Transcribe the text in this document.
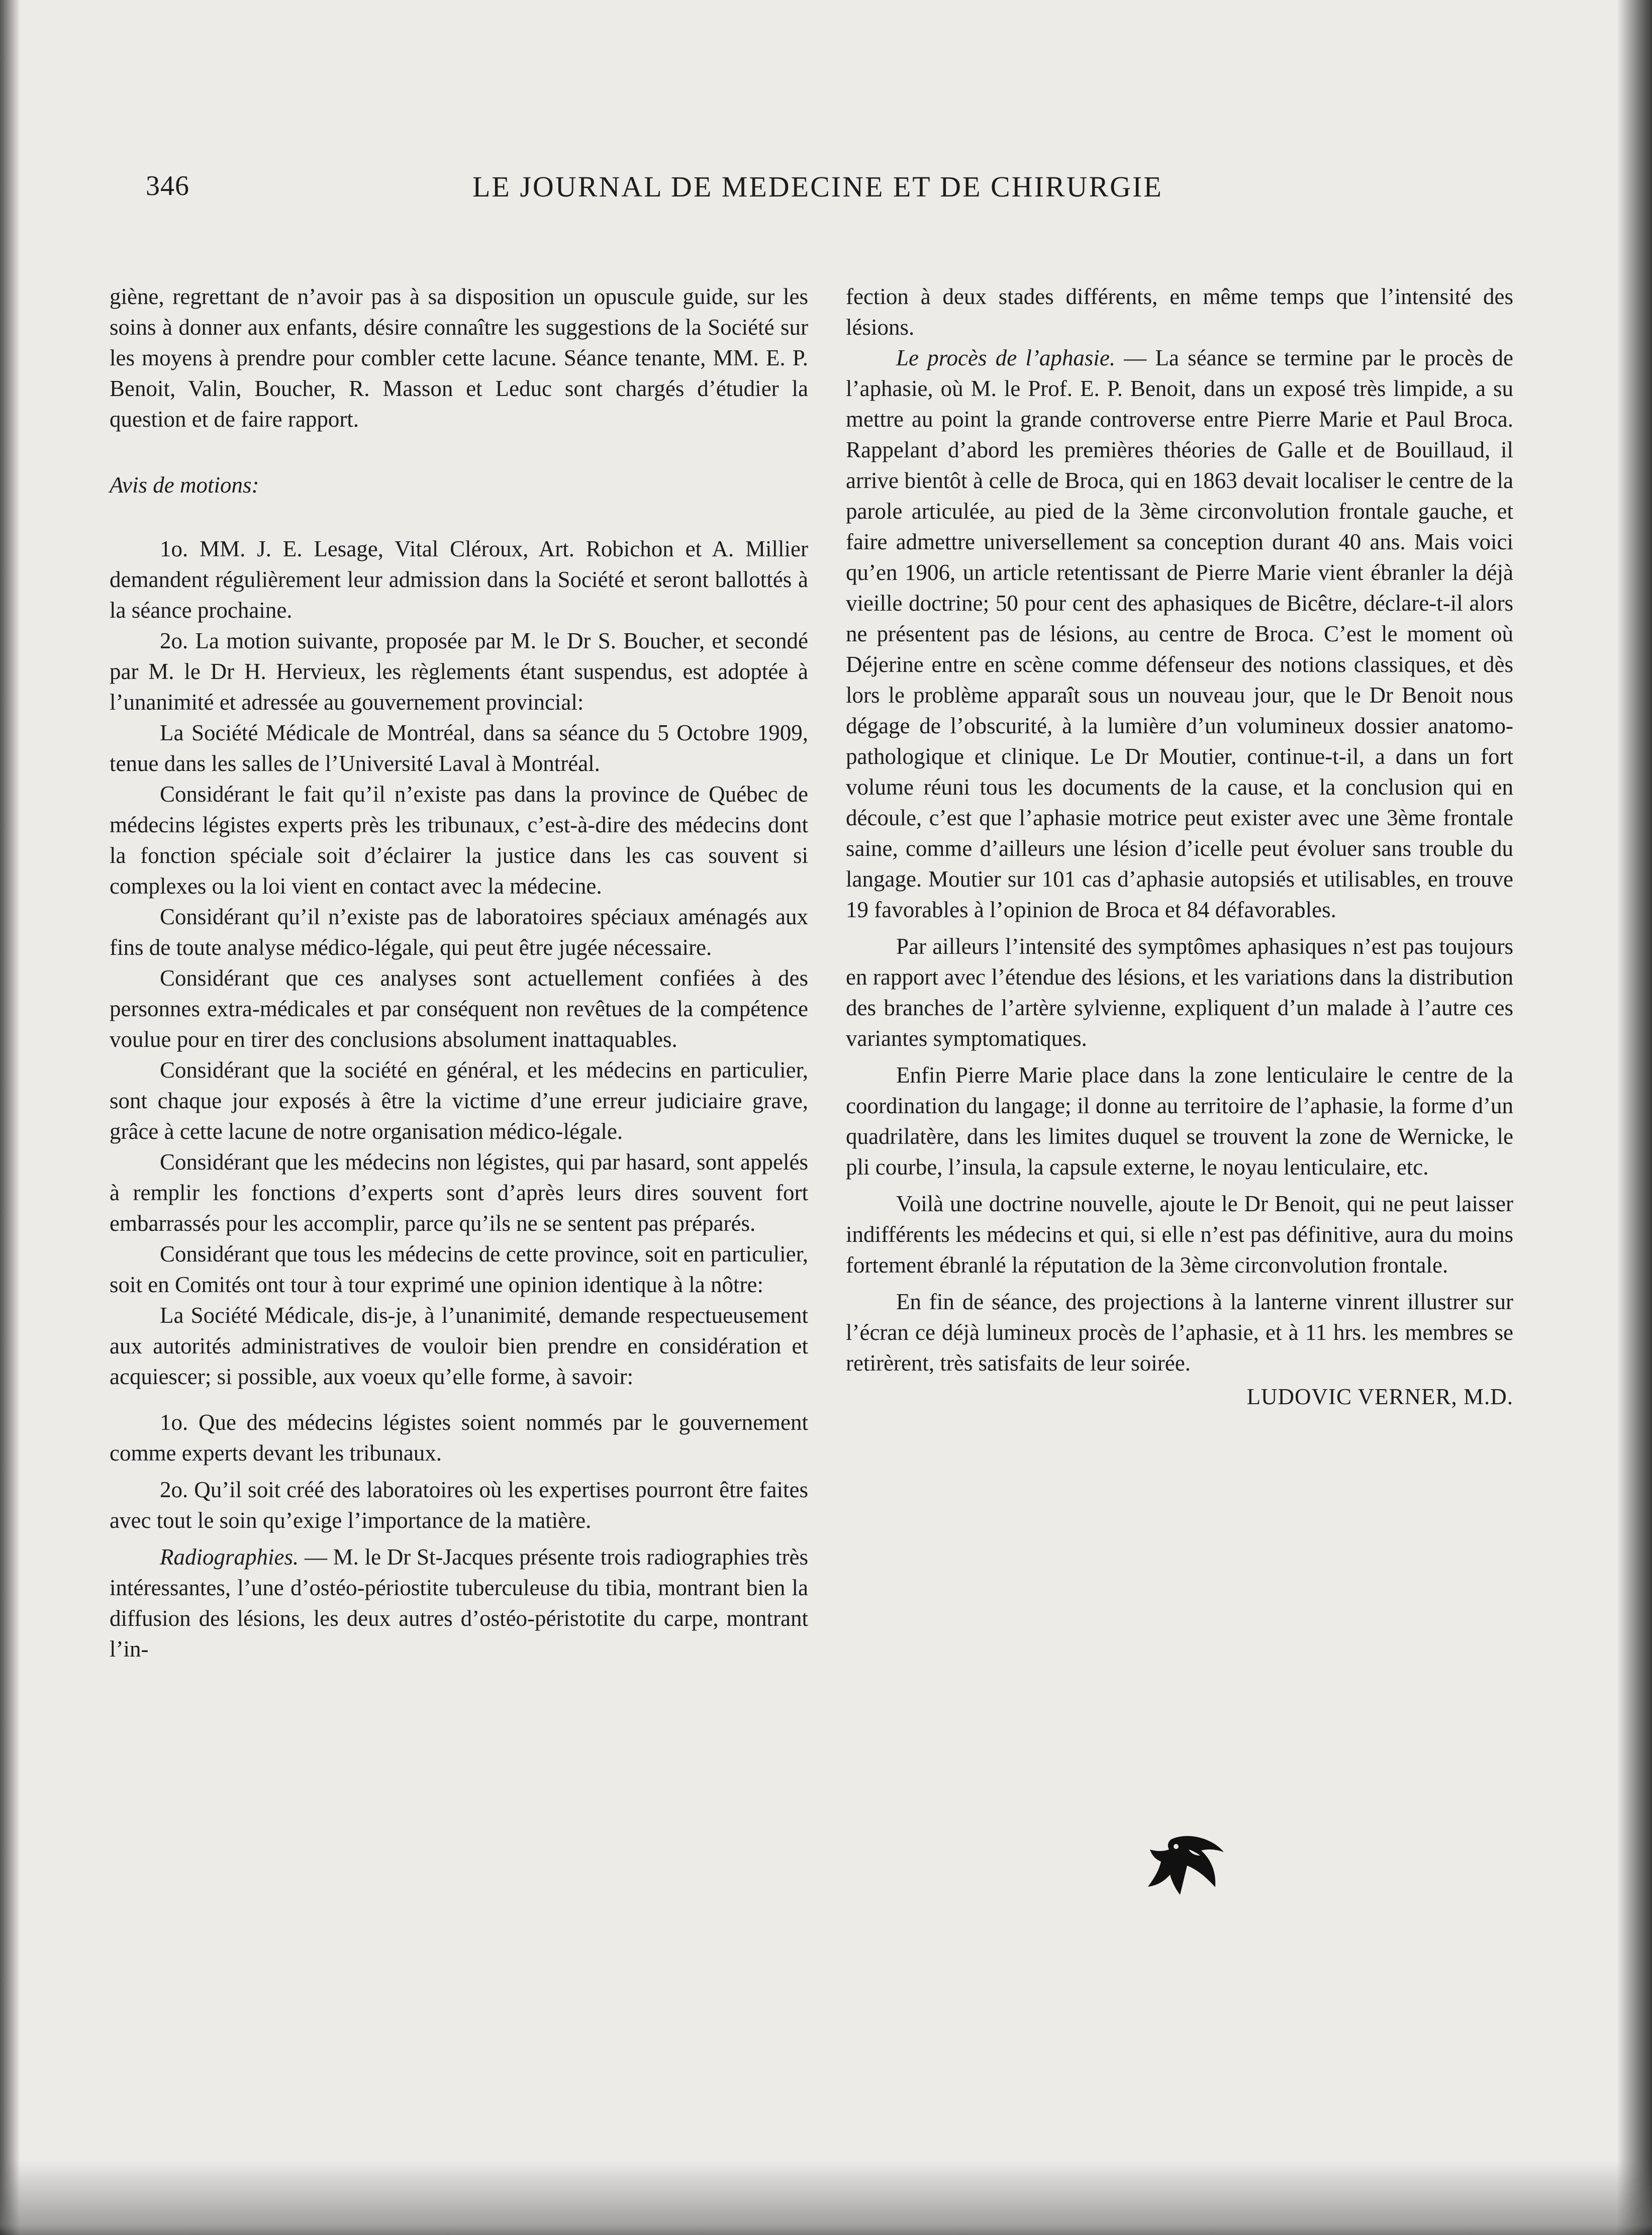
346	LE JOURNAL DE MEDECINE ET DE CHIRURGIE

giène, regrettant de n’avoir pas à sa disposition un opuscule guide, sur les soins à donner aux enfants, désire connaître les suggestions de la Société sur les moyens à prendre pour combler cette lacune. Séance tenante, MM. E. P. Benoit, Valin, Boucher, R. Masson et Leduc sont chargés d’étudier la question et de faire rapport.

Avis de motions:

1o. MM. J. E. Lesage, Vital Cléroux, Art. Robichon et A. Millier demandent régulièrement leur admission dans la Société et seront ballottés à la séance prochaine.

2o. La motion suivante, proposée par M. le Dr S. Boucher, et secondé par M. le Dr H. Hervieux, les règlements étant suspendus, est adoptée à l’unanimité et adressée au gouvernement provincial:

La Société Médicale de Montréal, dans sa séance du 5 Octobre 1909, tenue dans les salles de l’Université Laval à Montréal.

Considérant le fait qu’il n’existe pas dans la province de Québec de médecins légistes experts près les tribunaux, c’est-à-dire des médecins dont la fonction spéciale soit d’éclairer la justice dans les cas souvent si complexes ou la loi vient en contact avec la médecine.

Considérant qu’il n’existe pas de laboratoires spéciaux aménagés aux fins de toute analyse médico-légale, qui peut être jugée nécessaire.

Considérant que ces analyses sont actuellement confiées à des personnes extra-médicales et par conséquent non revêtues de la compétence voulue pour en tirer des conclusions absolument inattaquables.

Considérant que la société en général, et les médecins en particulier, sont chaque jour exposés à être la victime d’une erreur judiciaire grave, grâce à cette lacune de notre organisation médico-légale.

Considérant que les médecins non légistes, qui par hasard, sont appelés à remplir les fonctions d’experts sont d’après leurs dires souvent fort embarrassés pour les accomplir, parce qu’ils ne se sentent pas préparés.

Considérant que tous les médecins de cette province, soit en particulier, soit en Comités ont tour à tour exprimé une opinion identique à la nôtre:

La Société Médicale, dis-je, à l’unanimité, demande respectueusement aux autorités administratives de vouloir bien prendre en considération et acquiescer; si possible, aux voeux qu’elle forme, à savoir:

1o. Que des médecins légistes soient nommés par le gouvernement comme experts devant les tribunaux.

2o. Qu’il soit créé des laboratoires où les expertises pourront être faites avec tout le soin qu’exige l’importance de la matière.

Radiographies. — M. le Dr St-Jacques présente trois radiographies très intéressantes, l’une d’ostéo-périostite tuberculeuse du tibia, montrant bien la diffusion des lésions, les deux autres d’ostéo-péristotite du carpe, montrant l’in-

fection à deux stades différents, en même temps que l’intensité des lésions.

Le procès de l’aphasie. — La séance se termine par le procès de l’aphasie, où M. le Prof. E. P. Benoit, dans un exposé très limpide, a su mettre au point la grande controverse entre Pierre Marie et Paul Broca. Rappelant d’abord les premières théories de Galle et de Bouillaud, il arrive bientôt à celle de Broca, qui en 1863 devait localiser le centre de la parole articulée, au pied de la 3ème circonvolution frontale gauche, et faire admettre universellement sa conception durant 40 ans. Mais voici qu’en 1906, un article retentissant de Pierre Marie vient ébranler la déjà vieille doctrine; 50 pour cent des aphasiques de Bicêtre, déclare-t-il alors ne présentent pas de lésions, au centre de Broca. C’est le moment où Déjerine entre en scène comme défenseur des notions classiques, et dès lors le problème apparaît sous un nouveau jour, que le Dr Benoit nous dégage de l’obscurité, à la lumière d’un volumineux dossier anatomo-pathologique et clinique. Le Dr Moutier, continue-t-il, a dans un fort volume réuni tous les documents de la cause, et la conclusion qui en découle, c’est que l’aphasie motrice peut exister avec une 3ème frontale saine, comme d’ailleurs une lésion d’icelle peut évoluer sans trouble du langage. Moutier sur 101 cas d’aphasie autopsiés et utilisables, en trouve 19 favorables à l’opinion de Broca et 84 défavorables.

Par ailleurs l’intensité des symptômes aphasiques n’est pas toujours en rapport avec l’étendue des lésions, et les variations dans la distribution des branches de l’artère sylvienne, expliquent d’un malade à l’autre ces variantes symptomatiques.

Enfin Pierre Marie place dans la zone lenticulaire le centre de la coordination du langage; il donne au territoire de l’aphasie, la forme d’un quadrilatère, dans les limites duquel se trouvent la zone de Wernicke, le pli courbe, l’insula, la capsule externe, le noyau lenticulaire, etc.

Voilà une doctrine nouvelle, ajoute le Dr Benoit, qui ne peut laisser indifférents les médecins et qui, si elle n’est pas définitive, aura du moins fortement ébranlé la réputation de la 3ème circonvolution frontale.

En fin de séance, des projections à la lanterne vinrent illustrer sur l’écran ce déjà lumineux procès de l’aphasie, et à 11 hrs. les membres se retirèrent, très satisfaits de leur soirée.

LUDOVIC VERNER, M.D.
